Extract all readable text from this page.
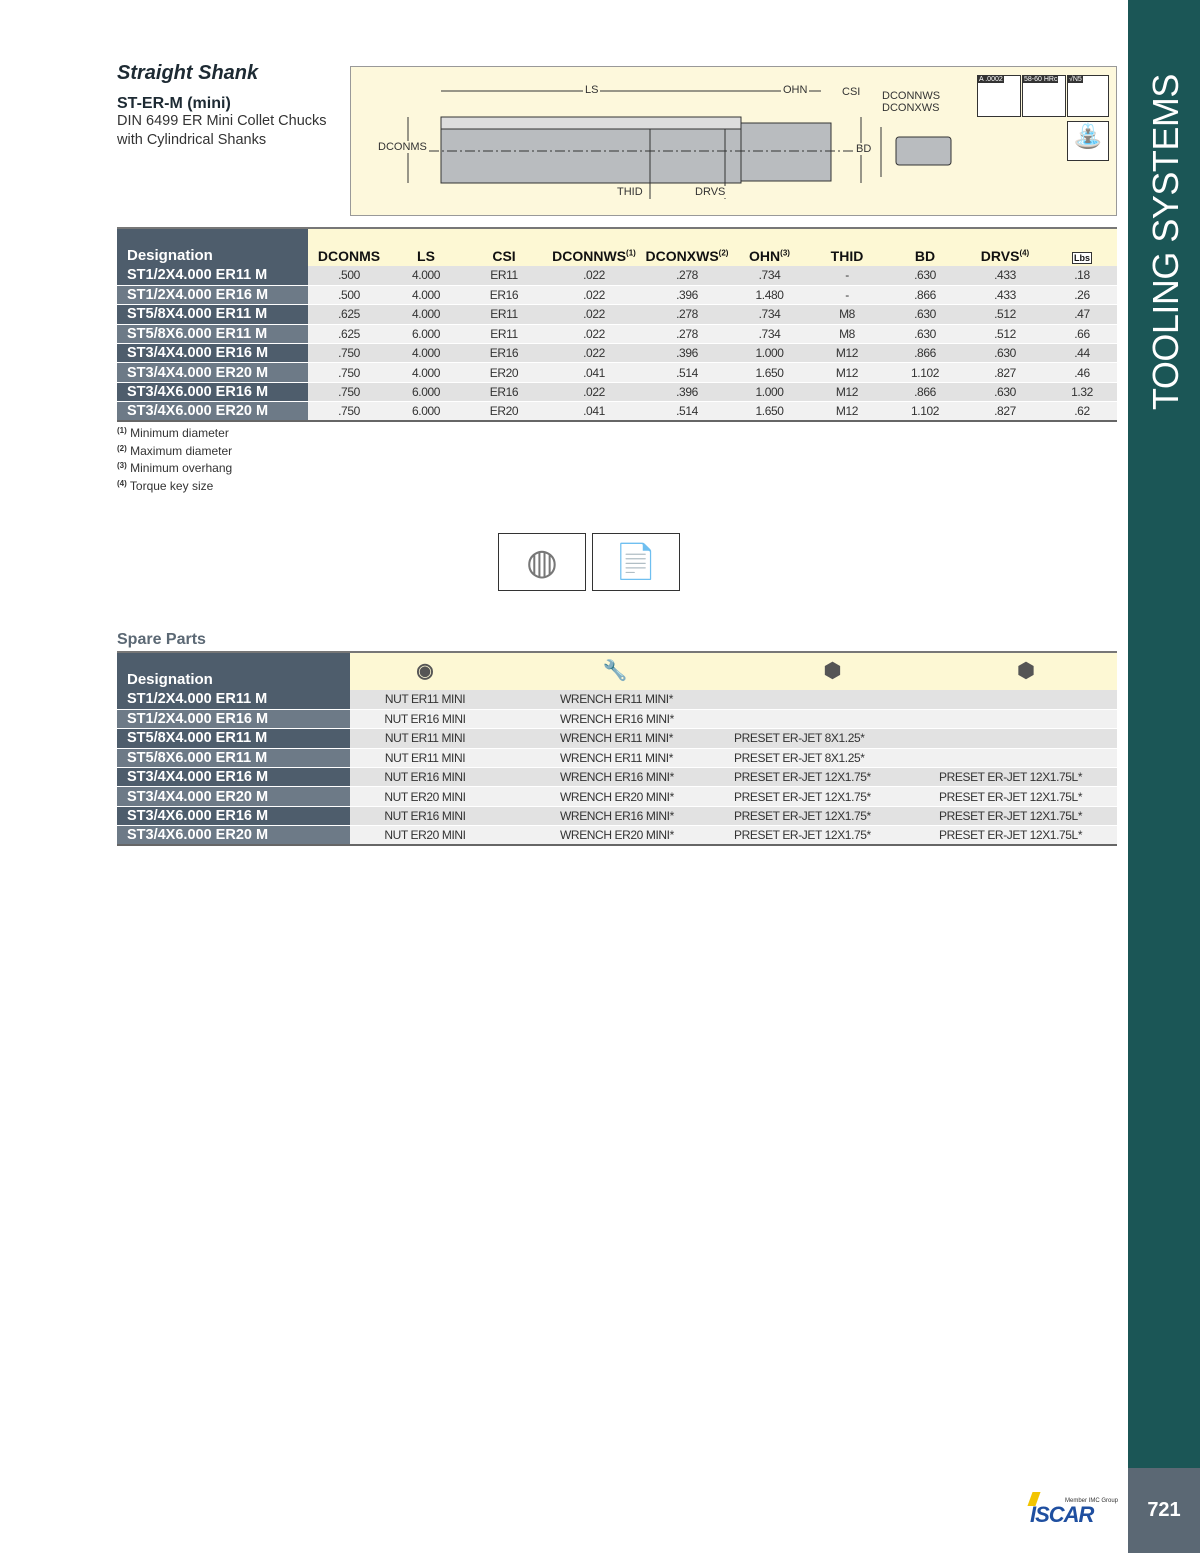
Straight Shank
ST-ER-M (mini)
DIN 6499 ER Mini Collet Chucks
with Cylindrical Shanks
LS	OHN	CSI DCONNWS
DCONXWS
DCONMS	BD
THID	DRVS
A .0002	58-60 HRc	√N5
⛲
Designation	DCONMS	LS	CSI	DCONNWS$^{(1)}$	DCONXWS$^{(2)}$	OHN$^{(3)}$	THID	BD	DRVS$^{(4)}$	Lbs
ST1/2X4.000 ER11 M	.500	4.000	ER11	.022	.278	.734	-	.630	.433	.18
ST1/2X4.000 ER16 M	.500	4.000	ER16	.022	.396	1.480	-	.866	.433	.26
ST5/8X4.000 ER11 M	.625	4.000	ER11	.022	.278	.734	M8	.630	.512	.47
ST5/8X6.000 ER11 M	.625	6.000	ER11	.022	.278	.734	M8	.630	.512	.66
ST3/4X4.000 ER16 M	.750	4.000	ER16	.022	.396	1.000	M12	.866	.630	.44
ST3/4X4.000 ER20 M	.750	4.000	ER20	.041	.514	1.650	M12	1.102	.827	.46
ST3/4X6.000 ER16 M	.750	6.000	ER16	.022	.396	1.000	M12	.866	.630	1.32
ST3/4X6.000 ER20 M	.750	6.000	ER20	.041	.514	1.650	M12	1.102	.827	.62
$^{(1)}$ Minimum diameter
$^{(2)}$ Maximum diameter
$^{(3)}$ Minimum overhang
$^{(4)}$ Torque key size
◍	📄
Spare Parts
Designation	◉	🔧	⬢	⬢
ST1/2X4.000 ER11 M	NUT ER11 MINI	WRENCH ER11 MINI*		
ST1/2X4.000 ER16 M	NUT ER16 MINI	WRENCH ER16 MINI*		
ST5/8X4.000 ER11 M	NUT ER11 MINI	WRENCH ER11 MINI*	PRESET ER-JET 8X1.25*	
ST5/8X6.000 ER11 M	NUT ER11 MINI	WRENCH ER11 MINI*	PRESET ER-JET 8X1.25*	
ST3/4X4.000 ER16 M	NUT ER16 MINI	WRENCH ER16 MINI*	PRESET ER-JET 12X1.75*	PRESET ER-JET 12X1.75L*
ST3/4X4.000 ER20 M	NUT ER20 MINI	WRENCH ER20 MINI*	PRESET ER-JET 12X1.75*	PRESET ER-JET 12X1.75L*
ST3/4X6.000 ER16 M	NUT ER16 MINI	WRENCH ER16 MINI*	PRESET ER-JET 12X1.75*	PRESET ER-JET 12X1.75L*
ST3/4X6.000 ER20 M	NUT ER20 MINI	WRENCH ER20 MINI*	PRESET ER-JET 12X1.75*	PRESET ER-JET 12X1.75L*
TOOLING SYSTEMS
721
Member IMC Group
ISCAR
